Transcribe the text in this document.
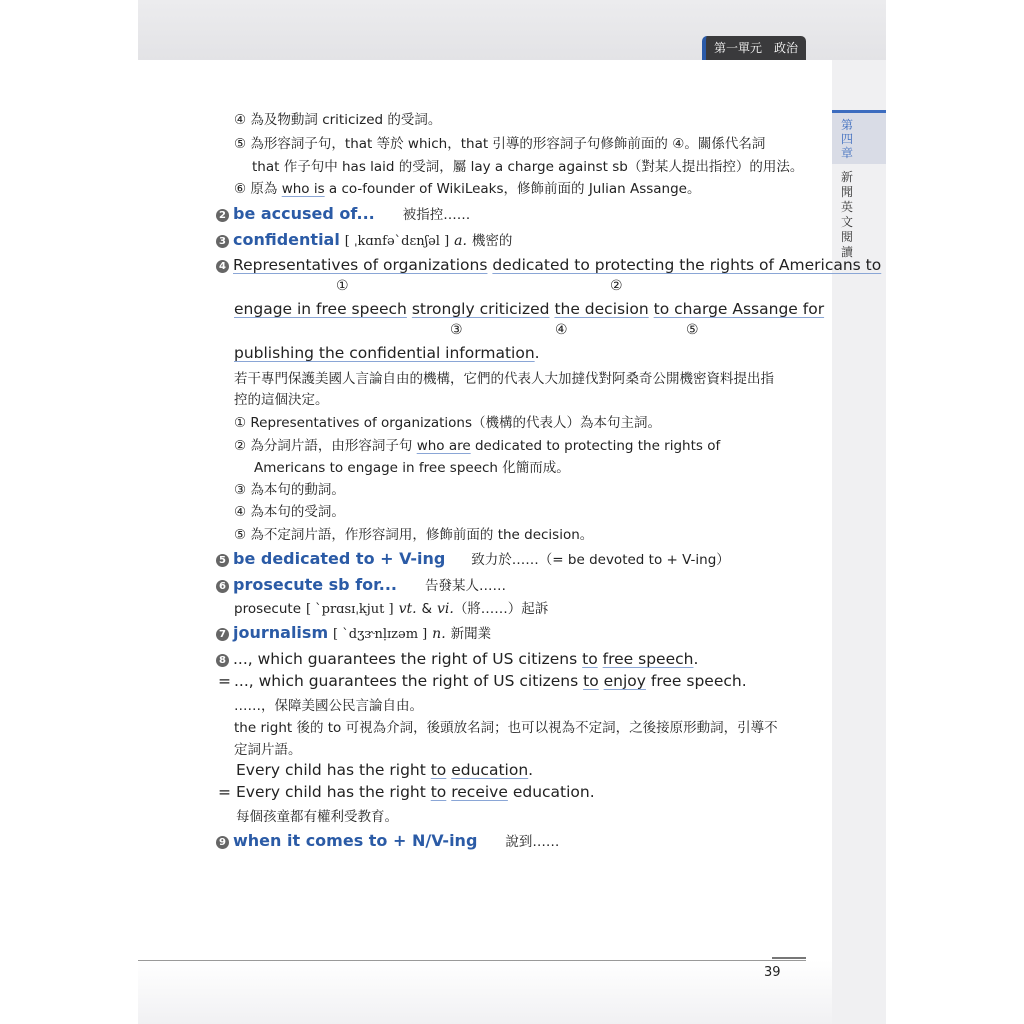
第一單元　政治
第四章
新聞英文閱讀
④ 為及物動詞 criticized 的受詞。
⑤ 為形容詞子句，that 等於 which，that 引導的形容詞子句修飾前面的 ④。關係代名詞
that 作子句中 has laid 的受詞，屬 lay a charge against sb（對某人提出指控）的用法。
⑥ 原為 who is a co-founder of WikiLeaks，修飾前面的 Julian Assange。
2 be accused of... 被指控……
3 confidential [ ˌkɑnfəˋdɛnʃəl ] a. 機密的
4 Representatives of organizations dedicated to protecting the rights of Americans to
①	②
engage in free speech strongly criticized the decision to charge Assange for
③	④	⑤
publishing the confidential information.
若干專門保護美國人言論自由的機構，它們的代表人大加撻伐對阿桑奇公開機密資料提出指
控的這個決定。
① Representatives of organizations（機構的代表人）為本句主詞。
② 為分詞片語，由形容詞子句 who are dedicated to protecting the rights of
Americans to engage in free speech 化簡而成。
③ 為本句的動詞。
④ 為本句的受詞。
⑤ 為不定詞片語，作形容詞用，修飾前面的 the decision。
5 be dedicated to + V-ing 致力於……（= be devoted to + V-ing）
6 prosecute sb for... 告發某人……
prosecute [ ˋprɑsɪˌkjut ] vt. & vi.（將……）起訴
7 journalism [ ˋdʒɝnḷɪzəm ] n. 新聞業
8 ..., which guarantees the right of US citizens to free speech.
= ..., which guarantees the right of US citizens to enjoy free speech.
……，保障美國公民言論自由。
the right 後的 to 可視為介詞，後頭放名詞；也可以視為不定詞，之後接原形動詞，引導不
定詞片語。
Every child has the right to education.
= Every child has the right to receive education.
每個孩童都有權利受教育。
9 when it comes to + N/V-ing 說到……
39
